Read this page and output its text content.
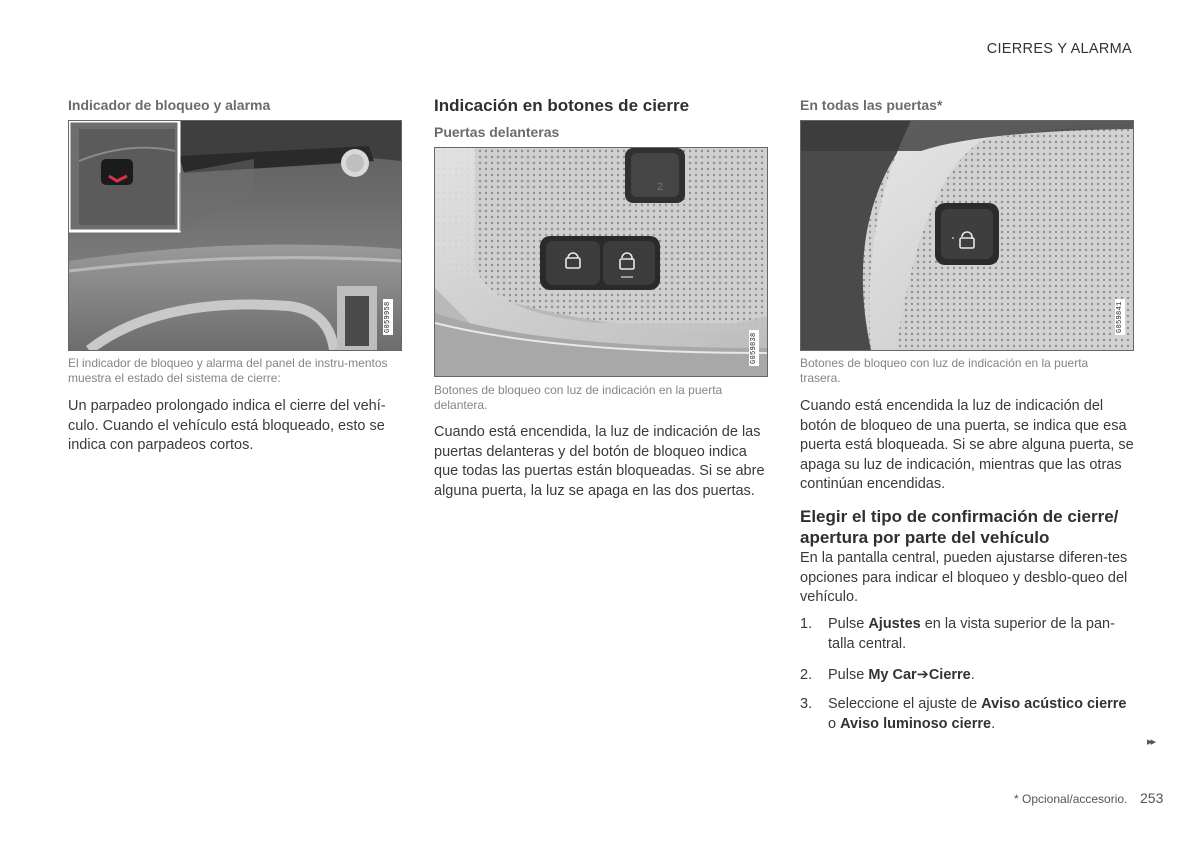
CIERRES Y ALARMA
Indicador de bloqueo y alarma
G059958
El indicador de bloqueo y alarma del panel de instru-mentos muestra el estado del sistema de cierre:
Un parpadeo prolongado indica el cierre del vehí-culo. Cuando el vehículo está bloqueado, esto se indica con parpadeos cortos.
Indicación en botones de cierre
Puertas delanteras
2
G059838
Botones de bloqueo con luz de indicación en la puerta delantera.
Cuando está encendida, la luz de indicación de las puertas delanteras y del botón de bloqueo indica que todas las puertas están bloqueadas. Si se abre alguna puerta, la luz se apaga en las dos puertas.
En todas las puertas*
G059841
Botones de bloqueo con luz de indicación en la puerta trasera.
Cuando está encendida la luz de indicación del botón de bloqueo de una puerta, se indica que esa puerta está bloqueada. Si se abre alguna puerta, se apaga su luz de indicación, mientras que las otras continúan encendidas.
Elegir el tipo de confirmación de cierre/
apertura por parte del vehículo
En la pantalla central, pueden ajustarse diferen-tes opciones para indicar el bloqueo y desblo-queo del vehículo.
1. Pulse Ajustes en la vista superior de la pan-talla central.
2. Pulse My Car➔Cierre.
3. Seleccione el ajuste de Aviso acústico cierre o Aviso luminoso cierre.
▸▸
* Opcional/accesorio. 253
